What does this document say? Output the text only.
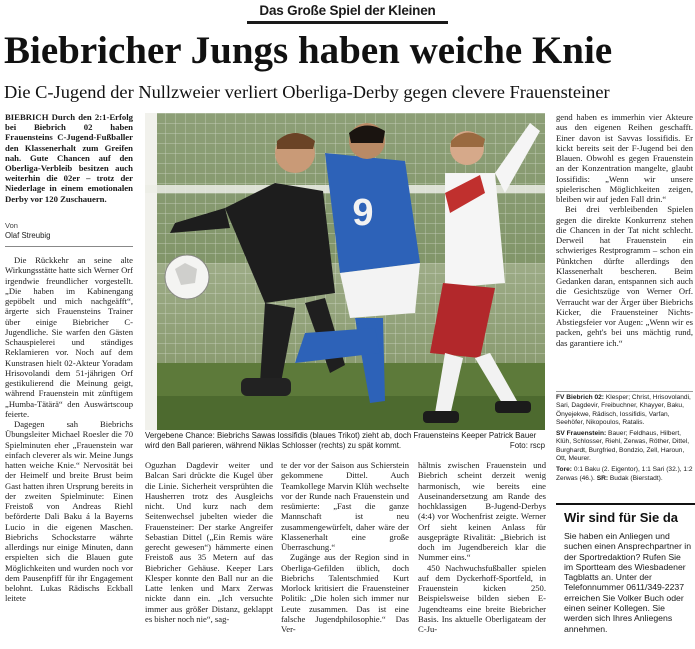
Das Große Spiel der Kleinen
Biebricher Jungs haben weiche Knie
Die C-Jugend der Nullzweier verliert Oberliga-Derby gegen clevere Frauensteiner
BIEBRICH Durch den 2:1-Erfolg bei Biebrich 02 haben Frauensteins C-Jugend-Fußballer den Klassenerhalt zum Greifen nah. Gute Chancen auf den Oberliga-Verbleib besitzen auch weiterhin die 02er – trotz der Niederlage in einem emotionalen Derby vor 120 Zuschauern.
Von
Olaf Streubig

Die Rückkehr an seine alte Wirkungsstätte hatte sich Werner Orf irgendwie freundlicher vorgestellt. „Die haben im Kabinengang gepöbelt und mich nachgeäfft“, ärgerte sich Frauensteins Trainer über einige Biebricher C-Jugendliche. Sie warfen den Gästen Schauspielerei und ständiges Reklamieren vor. Noch auf dem Kunstrasen hielt 02-Akteur Yoradam Hrisovolandi dem 51-jährigen Orf gestikulierend die Meinung geigt, während Frauenstein mit zünftigem „Humba-Tätärä“ den Auswärtscoup feierte.

Dagegen sah Biebrichs Übungsleiter Michael Roesler die 70 Spielminuten eher „Frauenstein war einfach cleverer als wir. Meine Jungs hatten weiche Knie.“ Nervosität bei der Heimelf und breite Brust beim Gast hatten ihren Ursprung bereits in der zweiten Spielminute: Einen Freistoß von Andreas Riehl beförderte Dali Baku á la Bayerns Lucio in die eigenen Maschen. Biebrichs Schockstarre währte allerdings nur einige Minuten, dann erspielten sich die Blauen gute Möglichkeiten und wurden noch vor dem Pausenpfiff für ihr Engagement belohnt. Lukas Rädischs Eckball leitete

9
Vergebene Chance: Biebrichs Sawas Iossifidis (blaues Trikot) zieht ab, doch Frauensteins Keeper Patrick Bauer wird den Ball parieren, während Niklas Schlosser (rechts) zu spät kommt.	Foto: rscp

Oguzhan Dagdevir weiter und Balcan Sari drückte die Kugel über die Linie. Sicherheit versprühten die Hausherren trotz des Ausgleichs nicht. Und kurz nach dem Seitenwechsel jubelten wieder die Frauensteiner: Der starke Angreifer Sebastian Dittel („Ein Remis wäre gerecht gewesen“) hämmerte einen Freistoß aus 35 Metern auf das Biebricher Gehäuse. Keeper Lars Klesper konnte den Ball nur an die Latte lenken und Marx Zerwas nickte dann ein. „Ich versuchte immer aus größer Distanz, geklappt es bisher noch nie“, sag-

te der vor der Saison aus Schierstein gekommene Dittel. Auch Teamkollege Marvin Klüh wechselte vor der Runde nach Frauenstein und resümierte: „Fast die ganze Mannschaft ist neu zusammengewürfelt, daher wäre der Klassenerhalt eine große Überraschung.“

Zugänge aus der Region sind in Oberliga-Gefilden üblich, doch Biebrichs Talentschmied Kurt Morlock kritisiert die Frauensteiner Politik: „Die holen sich immer nur Leute zusammen. Das ist eine falsche Jugendphilosophie.“ Das Ver-

hältnis zwischen Frauenstein und Biebrich scheint derzeit wenig harmonisch, wie bereits eine Auseinandersetzung am Rande des hochklassigen B-Jugend-Derbys (4:4) vor Wochenfrist zeigte. Werner Orf sieht keinen Anlass für ausgeprägte Rivalität: „Biebrich ist doch im Jugendbereich klar die Nummer eins.“

450 Nachwuchsfußballer spielen auf dem Dyckerhoff-Sportfeld, in Frauenstein kicken 250. Beispielsweise bilden sieben E-Jugendteams eine breite Biebricher Basis. Ins aktuelle Oberligateam der C-Ju-

gend haben es immerhin vier Akteure aus den eigenen Reihen geschafft. Einer davon ist Savvas Iossifidis. Er kickt bereits seit der F-Jugend bei den Blauen. Obwohl es gegen Frauenstein an der Konzentration mangelte, glaubt Iossifidis: „Wenn wir unsere spielerischen Möglichkeiten zeigen, bleiben wir auf jeden Fall drin.“

Bei drei verbleibenden Spielen gegen die direkte Konkurrenz stehen die Chancen in der Tat nicht schlecht. Derweil hat Frauenstein ein schwieriges Restprogramm – schon ein Pünktchen dürfte allerdings den Klassenerhalt bescheren. Beim Gedanken daran, entspannen sich auch die Gesichtszüge von Werner Orf. Verraucht war der Ärger über Biebrichs Kicker, die Frauensteiner Nichts-Abstiegsfeier vor Augen: „Wenn wir es packen, geht's bei uns mächtig rund, das garantiere ich.“

FV Biebrich 02: Klesper; Christ, Hrisovolandi, Sari, Dagdevir, Freibuchner, Khayyer, Baku, Önyejekwe, Rädisch, Iossifidis, Varfan, Seehöfer, Nikopoulos, Ratalis.
SV Frauenstein: Bauer; Feldhaus, Hilbert, Klüh, Schlosser, Riehl, Zerwas, Röther, Dittel, Burghardt, Burgfried, Bondzio, Zell, Haroun, Ott, Meurer.
Tore: 0:1 Baku (2. Eigentor), 1:1 Sari (32.), 1:2 Zerwas (46.). SR: Budak (Bierstadt).
Wir sind für Sie da
Sie haben ein Anliegen und suchen einen Ansprechpartner in der Sportredaktion? Rufen Sie im Sportteam des Wiesbadener Tagblatts an. Unter der Telefonnummer 0611/349-2237 erreichen Sie Volker Buch oder einen seiner Kollegen. Sie werden sich Ihres Anliegens annehmen.
